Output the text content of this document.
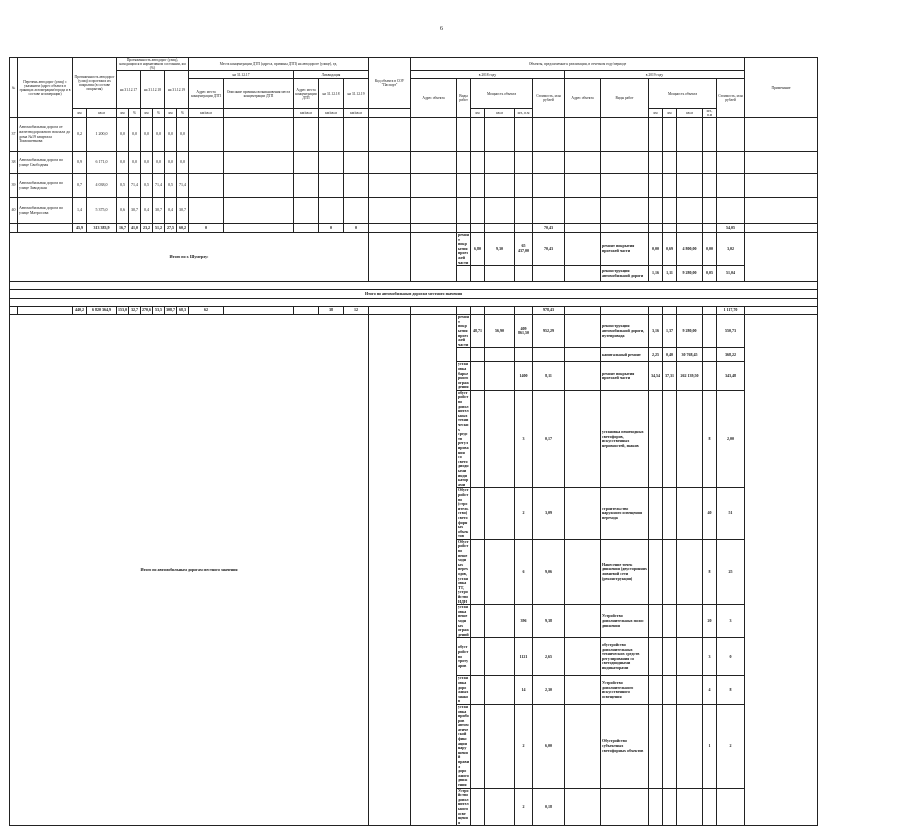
6
№	Перечень автодорог (улиц) с указанием (адрес объекта в границах агломерации/города и в составе агломерации)	Протяженность автодорог (улиц) и проезжих их покрытия (в составе покрытия)		Протяженность автодорог (улиц), находящихся в нормативном состоянии, км (%)						Места концентрации ДТП (адреса, причины ДТП) на автодороге (улице), ед.					Код объекта в СОУ "Паспорт"	Объекты, предлагаемые к реализации, в отчетном году/периоде													Примечание
				на 31.12.17		на 31.12.18		на 31.12.19		на 31.12.17		Ликвидация				в 2018 году						в 2019 году							
										Адрес места концентрации ДТП	Описание причины возникновения места концентрации ДТП	Адрес места концентрации ДТП	на 31.12.18	на 31.12.19		Адрес объекта	Виды работ	Мощность объекта			Стоимость, млн рублей	Адрес объекта	Виды работ	Мощность объекта				Стоимость, млн рублей	
		км	кв.м	км	%	км	%	км	%	км/кв.м		км/кв.м	км/кв.м	км/кв.м				км	кв.м	шт., п.м				км	км	кв.м	шт., п.м		
37	Автомобильная дорога от железнодорожного вокзала до дома №19 квартала Тимошенкова	0,2	1 200,0	0,0	0,0	0,0	0,0	0,0	0,0																				
38	Автомобильная дорога по улице Свободная	0,9	6 171,0	0,0	0,0	0,0	0,0	0,0	0,0																				
39	Автомобильная дорога по улице Заводская	0,7	4 038,0	0,5	71,4	0,5	71,4	0,5	71,4																				
40	Автомобильная дорога по улице Матросова	1,4	5 375,0	0,6	30,7	0,4	30,7	0,4	30,7																				
		45,9	313 383,9	16,7	41,0	23,2	51,2	27,5	60,2	0			0	0							70,43							54,05	
Итого по г. Шумерлу:																	ремонт покрытия проезжей части	6,80	9,30	65 437,00	70,43		ремонт покрытия проезжей части	0,00	0,69	4 800,00	0,00	3,02	
																							реконструкция автомобильной дороги	1,16	1,11	9 280,00	0,05	51,04	

Итого по автомобильным дорогам местного значения																													

		440,2	6 820 364,9	153,0	32,7	270,6	53,5	308,7	68,3	62			38	12							978,43							1 117,70	
Итого по автомобильным дорогам местного значения																	ремонт покрытия проезжей части	48,71	56,90	409 861,50	952,29		реконструкция автомобильной дороги, путепровода	3,16	1,37	9 280,00		550,73	
																							капитальный ремонт	2,25	0,40	30 768,45		368,22	
																	установка барьерного ограждения			1400	8,11		ремонт покрытия проезжей части	34,54	37,31	262 139,50		343,48	
																	обустройство дополнительных технических средств регулирования со светодиодными индикаторами			3	0,17		установка пешеходных светофоров, искусственных неровностей, знаков				8	2,00	
																	Обустройство (строительство) светофорных объектов			2	3,09		строительство наружного освещения перехода				40	51	
																	Обустройство пешеходных переходов, установка ТТ, устройство ИДН			6	9,06		Нанесение точек движения (двусторонних ливневой сети (реконструкция)				8	25	
																	установка пешеходных ограждений			396	9,38		Устройство дополнительных полос движения				20	3	
																	обустройство тротуаров			1121	2,65		обустройство дополнительных технических средств регулирования со светодиодными индикаторами				3	0	
																	установка дорожных знаков			14	2,30		Устройство дополнительного искусственного освещения				4	8	
																	установка приборов автоматической фиксации нарушений правил дорожного движения			2	6,00		Обустройство субъектных светофорных объектов				1	2	
																	Устройство дополнительного освещения			2	0,18								
